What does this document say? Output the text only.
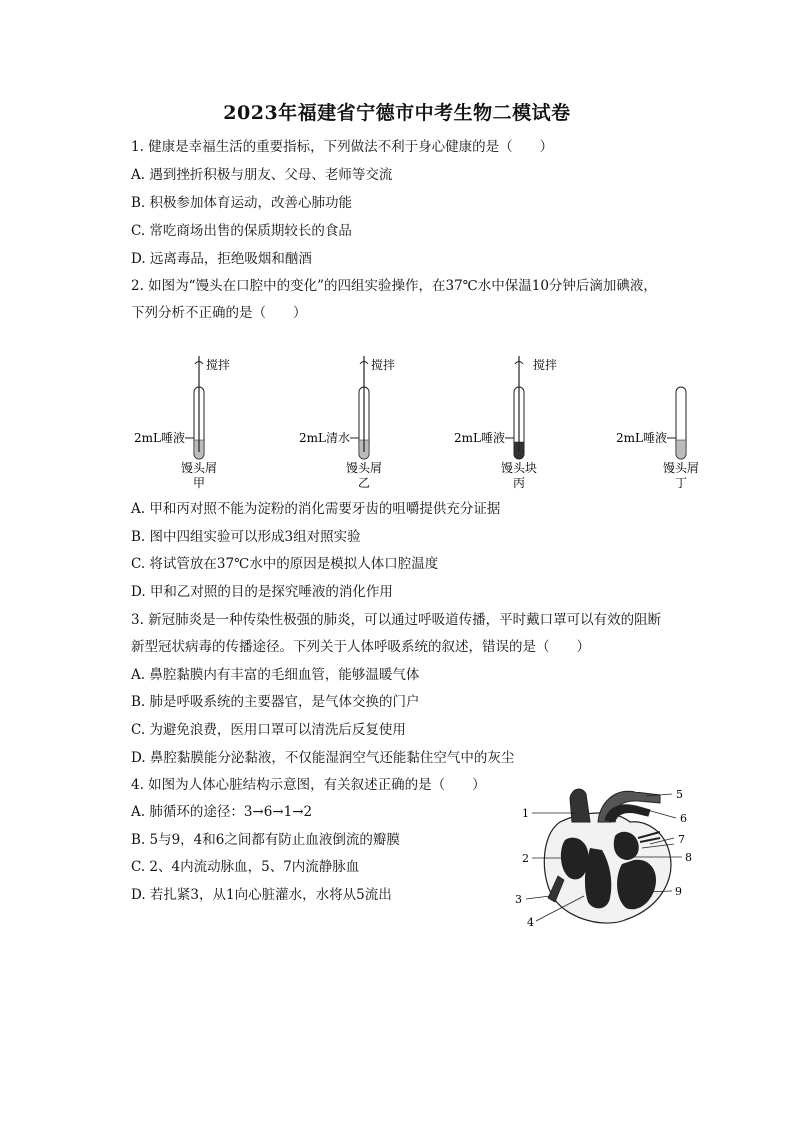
2023年福建省宁德市中考生物二模试卷
1. 健康是幸福生活的重要指标，下列做法不利于身心健康的是（　　）
A. 遇到挫折积极与朋友、父母、老师等交流
B. 积极参加体育运动，改善心肺功能
C. 常吃商场出售的保质期较长的食品
D. 远离毒品，拒绝吸烟和酗酒
2. 如图为“馒头在口腔中的变化”的四组实验操作，在37℃水中保温10分钟后滴加碘液，
下列分析不正确的是（　　）
搅拌
2mL唾液
馒头屑
甲
搅拌
2mL清水
馒头屑
乙
搅拌
2mL唾液
馒头块
丙
2mL唾液
馒头屑
丁
A. 甲和丙对照不能为淀粉的消化需要牙齿的咀嚼提供充分证据
B. 图中四组实验可以形成3组对照实验
C. 将试管放在37℃水中的原因是模拟人体口腔温度
D. 甲和乙对照的目的是探究唾液的消化作用
3. 新冠肺炎是一种传染性极强的肺炎，可以通过呼吸道传播，平时戴口罩可以有效的阻断
新型冠状病毒的传播途径。下列关于人体呼吸系统的叙述，错误的是（　　）
A. 鼻腔黏膜内有丰富的毛细血管，能够温暖气体
B. 肺是呼吸系统的主要器官，是气体交换的门户
C. 为避免浪费，医用口罩可以清洗后反复使用
D. 鼻腔黏膜能分泌黏液，不仅能湿润空气还能黏住空气中的灰尘
4. 如图为人体心脏结构示意图，有关叙述正确的是（　　）
A. 肺循环的途径：3→6→1→2
B. 5与9，4和6之间都有防止血液倒流的瓣膜
C. 2、4内流动脉血，5、7内流静脉血
D. 若扎紧3，从1向心脏灌水，水将从5流出
1
2
3
4
5
6
7
8
9
